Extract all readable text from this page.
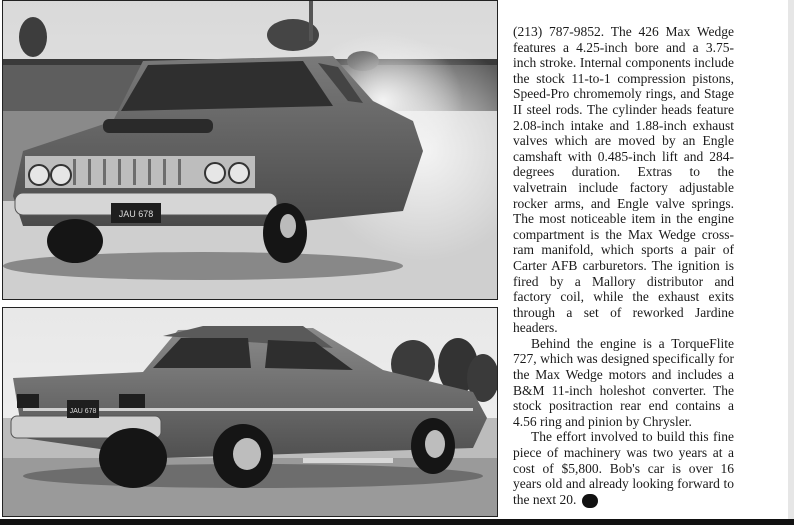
JAU 678
JAU 678

(213) 787-9852. The 426 Max Wedge features a 4.25-inch bore and a 3.75-inch stroke. Internal components include the stock 11-to-1 compression pistons, Speed-Pro chromemoly rings, and Stage II steel rods. The cylinder heads feature 2.08-inch intake and 1.88-inch exhaust valves which are moved by an Engle camshaft with 0.485-inch lift and 284-degrees duration. Extras to the valvetrain include factory adjustable rocker arms, and Engle valve springs. The most noticeable item in the engine compartment is the Max Wedge cross-ram manifold, which sports a pair of Carter AFB carburetors. The ignition is fired by a Mallory distributor and factory coil, while the exhaust exits through a set of reworked Jardine headers.

Behind the engine is a TorqueFlite 727, which was designed specifically for the Max Wedge motors and includes a B&M 11-inch holeshot converter. The stock positraction rear end contains a 4.56 ring and pinion by Chrysler.

The effort involved to build this fine piece of machinery was two years at a cost of $5,800. Bob's car is over 16 years old and already looking forward to the next 20.	CPC
